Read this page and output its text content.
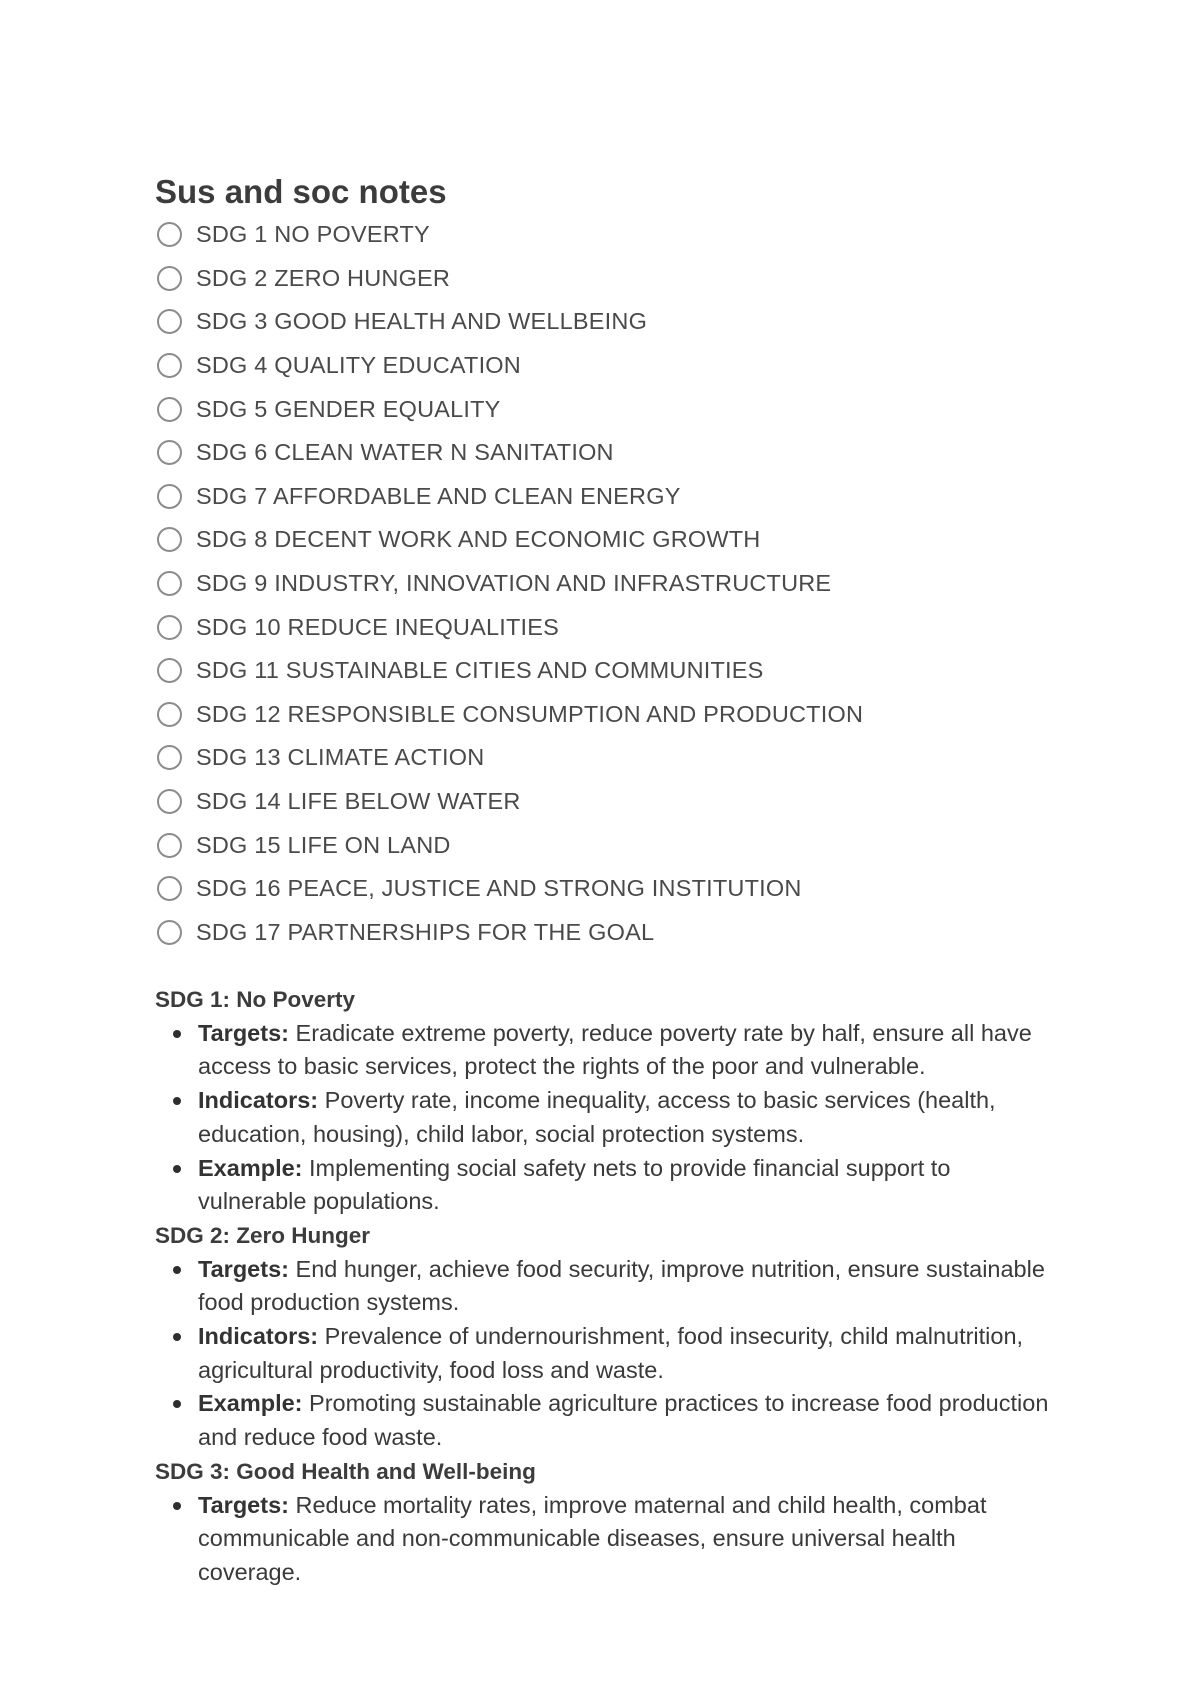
Sus and soc notes
SDG 1 NO POVERTY
SDG 2 ZERO HUNGER
SDG 3 GOOD HEALTH AND WELLBEING
SDG 4 QUALITY EDUCATION
SDG 5 GENDER EQUALITY
SDG 6 CLEAN WATER N SANITATION
SDG 7 AFFORDABLE AND CLEAN ENERGY
SDG 8 DECENT WORK AND ECONOMIC GROWTH
SDG 9 INDUSTRY, INNOVATION AND INFRASTRUCTURE
SDG 10 REDUCE INEQUALITIES
SDG 11 SUSTAINABLE CITIES AND COMMUNITIES
SDG 12 RESPONSIBLE CONSUMPTION AND PRODUCTION
SDG 13 CLIMATE ACTION
SDG 14 LIFE BELOW WATER
SDG 15 LIFE ON LAND
SDG 16 PEACE, JUSTICE AND STRONG INSTITUTION
SDG 17 PARTNERSHIPS FOR THE GOAL
SDG 1: No Poverty
Targets: Eradicate extreme poverty, reduce poverty rate by half, ensure all have access to basic services, protect the rights of the poor and vulnerable.
Indicators: Poverty rate, income inequality, access to basic services (health, education, housing), child labor, social protection systems.
Example: Implementing social safety nets to provide financial support to vulnerable populations.
SDG 2: Zero Hunger
Targets: End hunger, achieve food security, improve nutrition, ensure sustainable food production systems.
Indicators: Prevalence of undernourishment, food insecurity, child malnutrition, agricultural productivity, food loss and waste.
Example: Promoting sustainable agriculture practices to increase food production and reduce food waste.
SDG 3: Good Health and Well-being
Targets: Reduce mortality rates, improve maternal and child health, combat communicable and non-communicable diseases, ensure universal health coverage.
